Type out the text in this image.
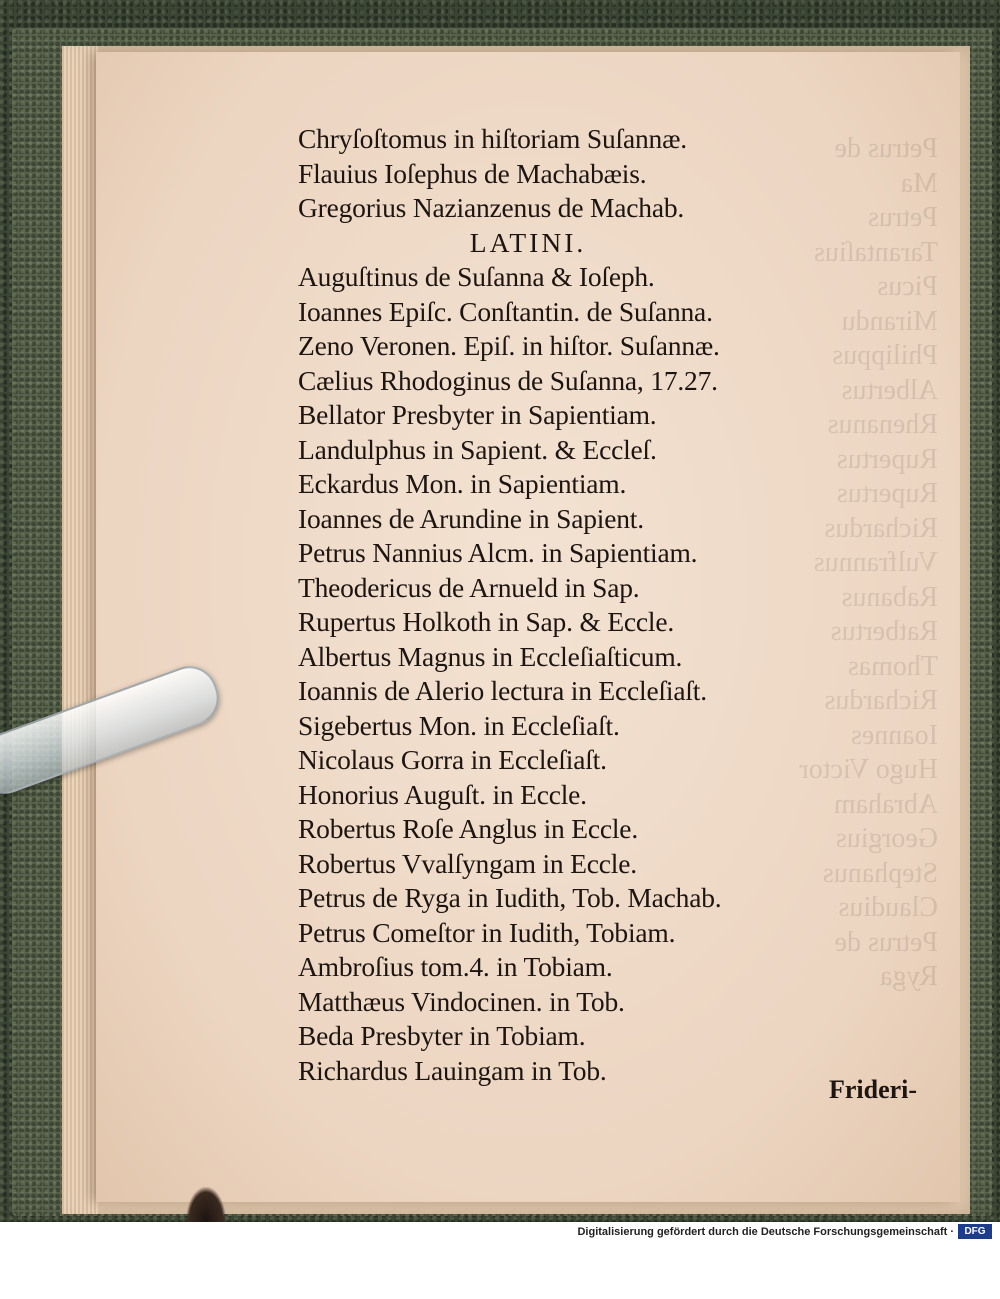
Petrus de Ma
Petrus Tarantaſius
Picus Mirandu
Philippus Albertus
Rhenanus
Rupertus
Rupertus
Richardus
Vulfrannus
Rabanus
Ratbertus
Thomas
Richardus
Ioannes
Hugo Victor
Abraham
Georgius
Stephanus
Claudius
Petrus de Ryga
Chryſoſtomus in hiſtoriam Suſannæ.
Flauius Ioſephus de Machabæis.
Gregorius Nazianzenus de Machab.
LATINI.
Auguſtinus de Suſanna & Ioſeph.
Ioannes Epiſc. Conſtantin. de Suſanna.
Zeno Veronen. Epiſ. in hiſtor. Suſannæ.
Cælius Rhodoginus de Suſanna, 17.27.
Bellator Presbyter in Sapientiam.
Landulphus in Sapient. & Eccleſ.
Eckardus Mon. in Sapientiam.
Ioannes de Arundine in Sapient.
Petrus Nannius Alcm. in Sapientiam.
Theodericus de Arnueld in Sap.
Rupertus Holkoth in Sap. & Eccle.
Albertus Magnus in Eccleſiaſticum.
Ioannis de Alerio lectura in Eccleſiaſt.
Sigebertus Mon. in Eccleſiaſt.
Nicolaus Gorra in Eccleſiaſt.
Honorius Auguſt. in Eccle.
Robertus Roſe Anglus in Eccle.
Robertus Vvalſyngam in Eccle.
Petrus de Ryga in Iudith, Tob. Machab.
Petrus Comeſtor in Iudith, Tobiam.
Ambroſius tom.4. in Tobiam.
Matthæus Vindocinen. in Tob.
Beda Presbyter in Tobiam.
Richardus Lauingam in Tob.
Frideri-
Digitalisierung gefördert durch die Deutsche Forschungsgemeinschaft ·	DFG
